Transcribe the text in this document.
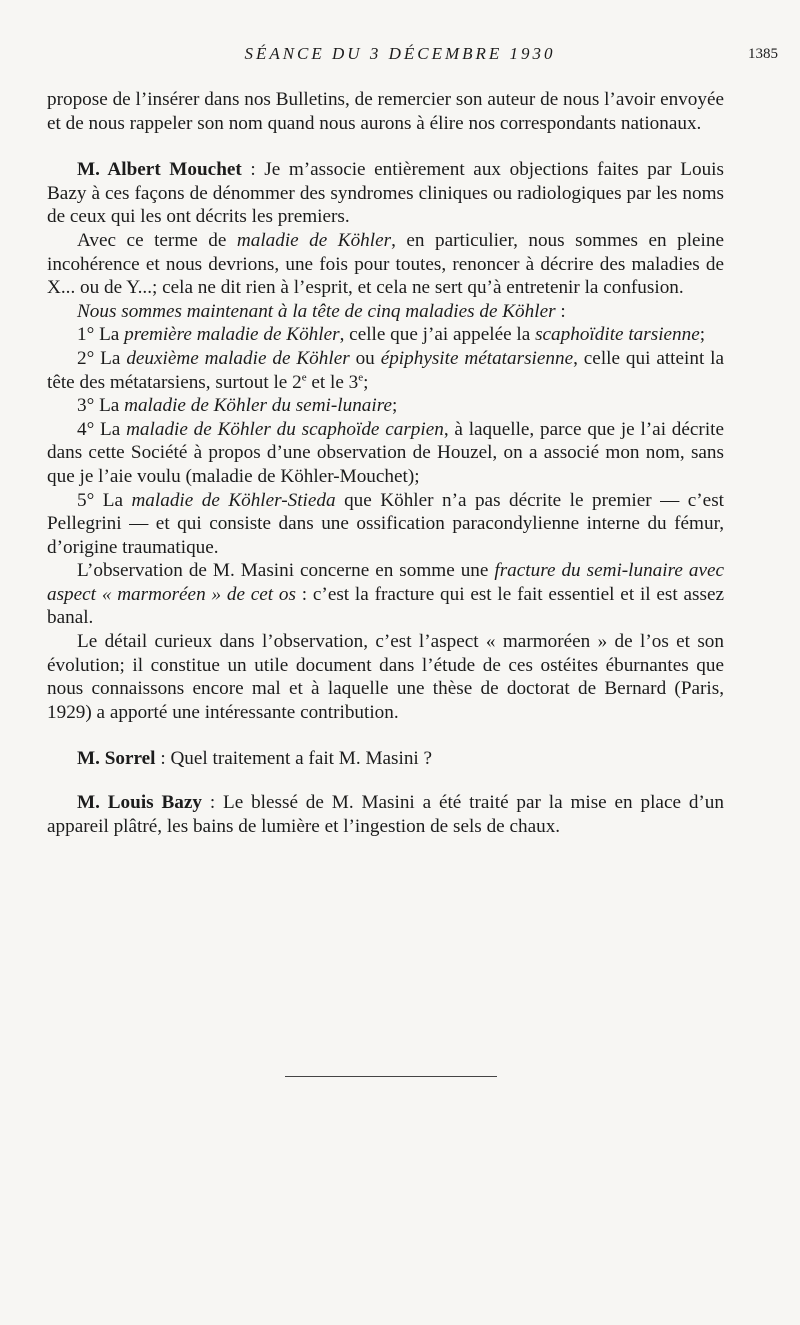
SÉANCE DU 3 DÉCEMBRE 1930	1385

propose de l’insérer dans nos Bulletins, de remercier son auteur de nous l’avoir envoyée et de nous rappeler son nom quand nous aurons à élire nos correspondants nationaux.

M. Albert Mouchet : Je m’associe entièrement aux objections faites par Louis Bazy à ces façons de dénommer des syndromes cliniques ou radiologiques par les noms de ceux qui les ont décrits les premiers.

Avec ce terme de maladie de Köhler, en particulier, nous sommes en pleine incohérence et nous devrions, une fois pour toutes, renoncer à décrire des maladies de X... ou de Y...; cela ne dit rien à l’esprit, et cela ne sert qu’à entretenir la confusion.

Nous sommes maintenant à la tête de cinq maladies de Köhler :

1° La première maladie de Köhler, celle que j’ai appelée la scaphoïdite tarsienne;

2° La deuxième maladie de Köhler ou épiphysite métatarsienne, celle qui atteint la tête des métatarsiens, surtout le 2e et le 3e;

3° La maladie de Köhler du semi-lunaire;

4° La maladie de Köhler du scaphoïde carpien, à laquelle, parce que je l’ai décrite dans cette Société à propos d’une observation de Houzel, on a associé mon nom, sans que je l’aie voulu (maladie de Köhler-Mouchet);

5° La maladie de Köhler-Stieda que Köhler n’a pas décrite le premier — c’est Pellegrini — et qui consiste dans une ossification paracondylienne interne du fémur, d’origine traumatique.

L’observation de M. Masini concerne en somme une fracture du semi-lunaire avec aspect « marmoréen » de cet os : c’est la fracture qui est le fait essentiel et il est assez banal.

Le détail curieux dans l’observation, c’est l’aspect « marmoréen » de l’os et son évolution; il constitue un utile document dans l’étude de ces ostéites éburnantes que nous connaissons encore mal et à laquelle une thèse de doctorat de Bernard (Paris, 1929) a apporté une intéressante contribution.

M. Sorrel : Quel traitement a fait M. Masini ?

M. Louis Bazy : Le blessé de M. Masini a été traité par la mise en place d’un appareil plâtré, les bains de lumière et l’ingestion de sels de chaux.
